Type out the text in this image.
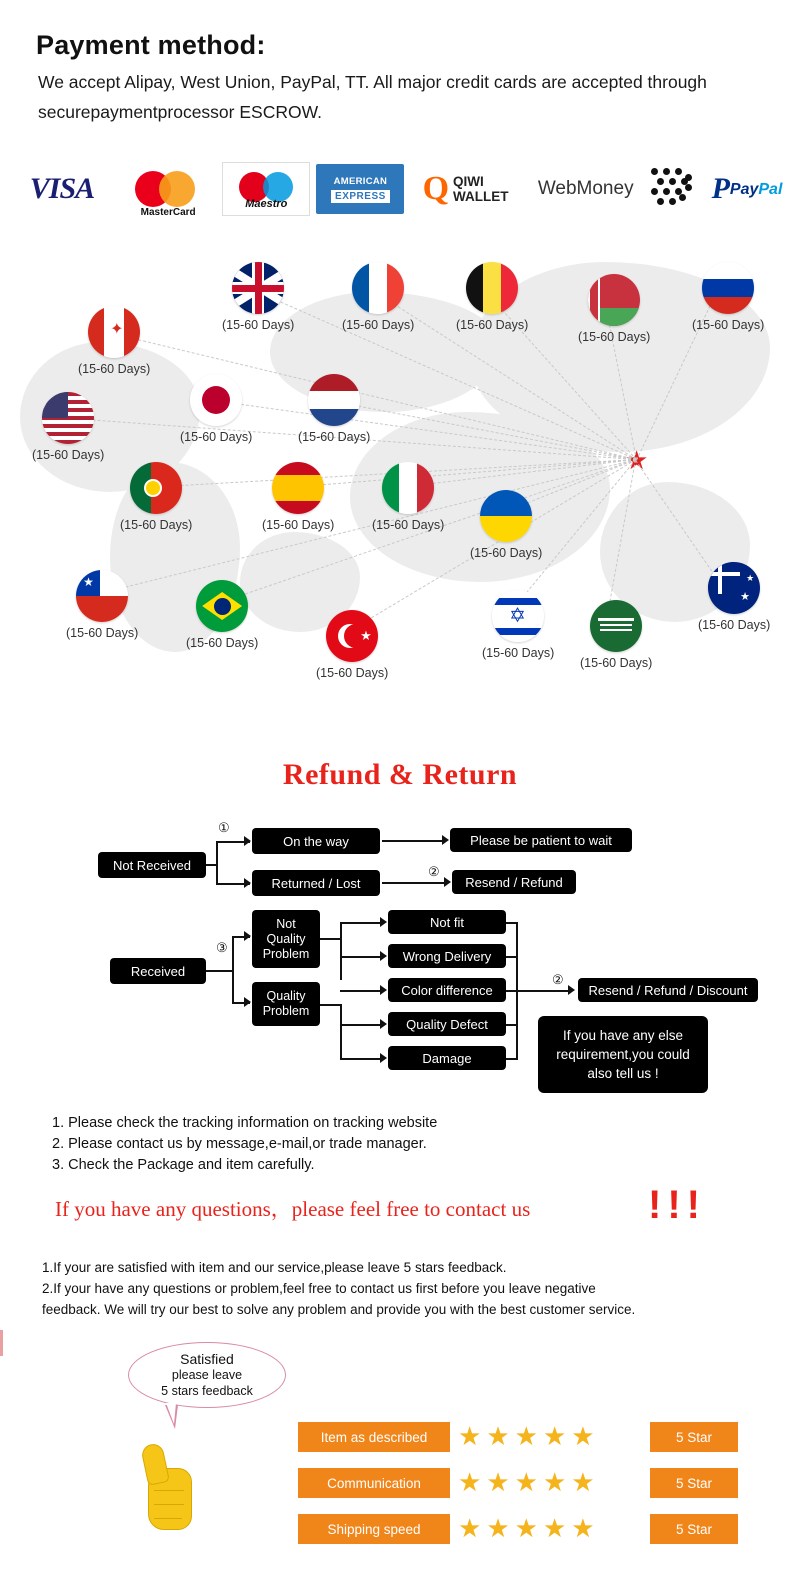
Payment method:
We accept Alipay, West Union, PayPal, TT. All major credit cards are accepted through securepaymentprocessor ESCROW.
VISA
MasterCard
Maestro
AMERICAN
EXPRESS Q QIWI
WALLET WebMoney	P PayPal
★
✦
(15-60 Days)
(15-60 Days)	(15-60 Days)	(15-60 Days)
(15-60 Days)
(15-60 Days)
(15-60 Days)
(15-60 Days)	(15-60 Days)
(15-60 Days)	(15-60 Days)	(15-60 Days)
(15-60 Days)
★
(15-60 Days)
(15-60 Days)	★
(15-60 Days)
✡
(15-60 Days)
(15-60 Days)
★
★
(15-60 Days)
Refund & Return
Not Received
Received
On the way
Returned / Lost
Please be patient to wait
Resend / Refund
Not
Quality
Problem
Quality
Problem
Not fit
Wrong Delivery
Color difference
Quality Defect
Damage
Resend / Refund / Discount
If you have any else requirement,you could also tell us !
①
②
②
③
1. Please check the tracking information on tracking website
2. Please contact us by message,e-mail,or trade manager.
3. Check the Package and item carefully.
If you have any questions，please feel free to contact us	!!!
1.If your are satisfied with item and our service,please leave 5 stars feedback.
2.If your have any questions or problem,feel free to contact us first before you leave negative
feedback. We will try our best to solve any problem and provide you with the best customer service.
Satisfied
please leave
5 stars feedback
Item as described	★ ★ ★ ★ ★	5 Star
Communication	★ ★ ★ ★ ★	5 Star
Shipping speed	★ ★ ★ ★ ★	5 Star
